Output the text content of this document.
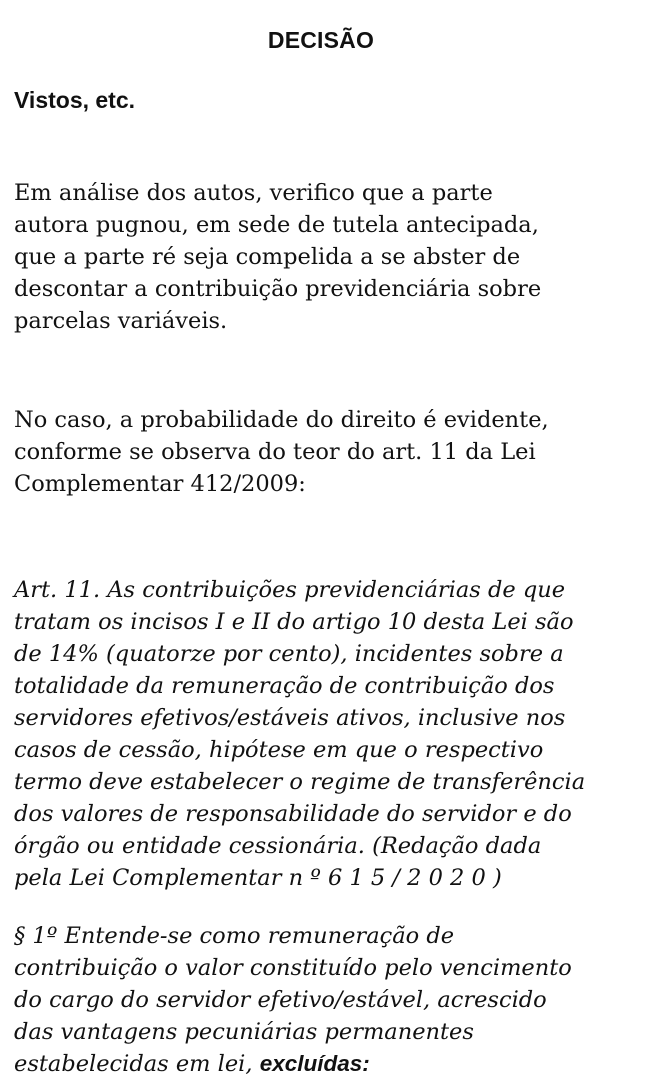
DECISÃO
Vistos, etc.

Em análise dos autos, verifico que a parte
autora pugnou, em sede de tutela antecipada,
que a parte ré seja compelida a se abster de
descontar a contribuição previdenciária sobre
parcelas variáveis.

No caso, a probabilidade do direito é evidente,
conforme se observa do teor do art. 11 da Lei
Complementar 412/2009:

Art. 11. As contribuições previdenciárias de que
tratam os incisos I e II do artigo 10 desta Lei são
de 14% (quatorze por cento), incidentes sobre a
totalidade da remuneração de contribuição dos
servidores efetivos/estáveis ativos, inclusive nos
casos de cessão, hipótese em que o respectivo
termo deve estabelecer o regime de transferência
dos valores de responsabilidade do servidor e do
órgão ou entidade cessionária. (Redação dada
pela Lei Complementar n º 6 1 5 / 2 0 2 0 )

§ 1º Entende-se como remuneração de
contribuição o valor constituído pelo vencimento
do cargo do servidor efetivo/estável, acrescido
das vantagens pecuniárias permanentes
estabelecidas em lei, excluídas:
